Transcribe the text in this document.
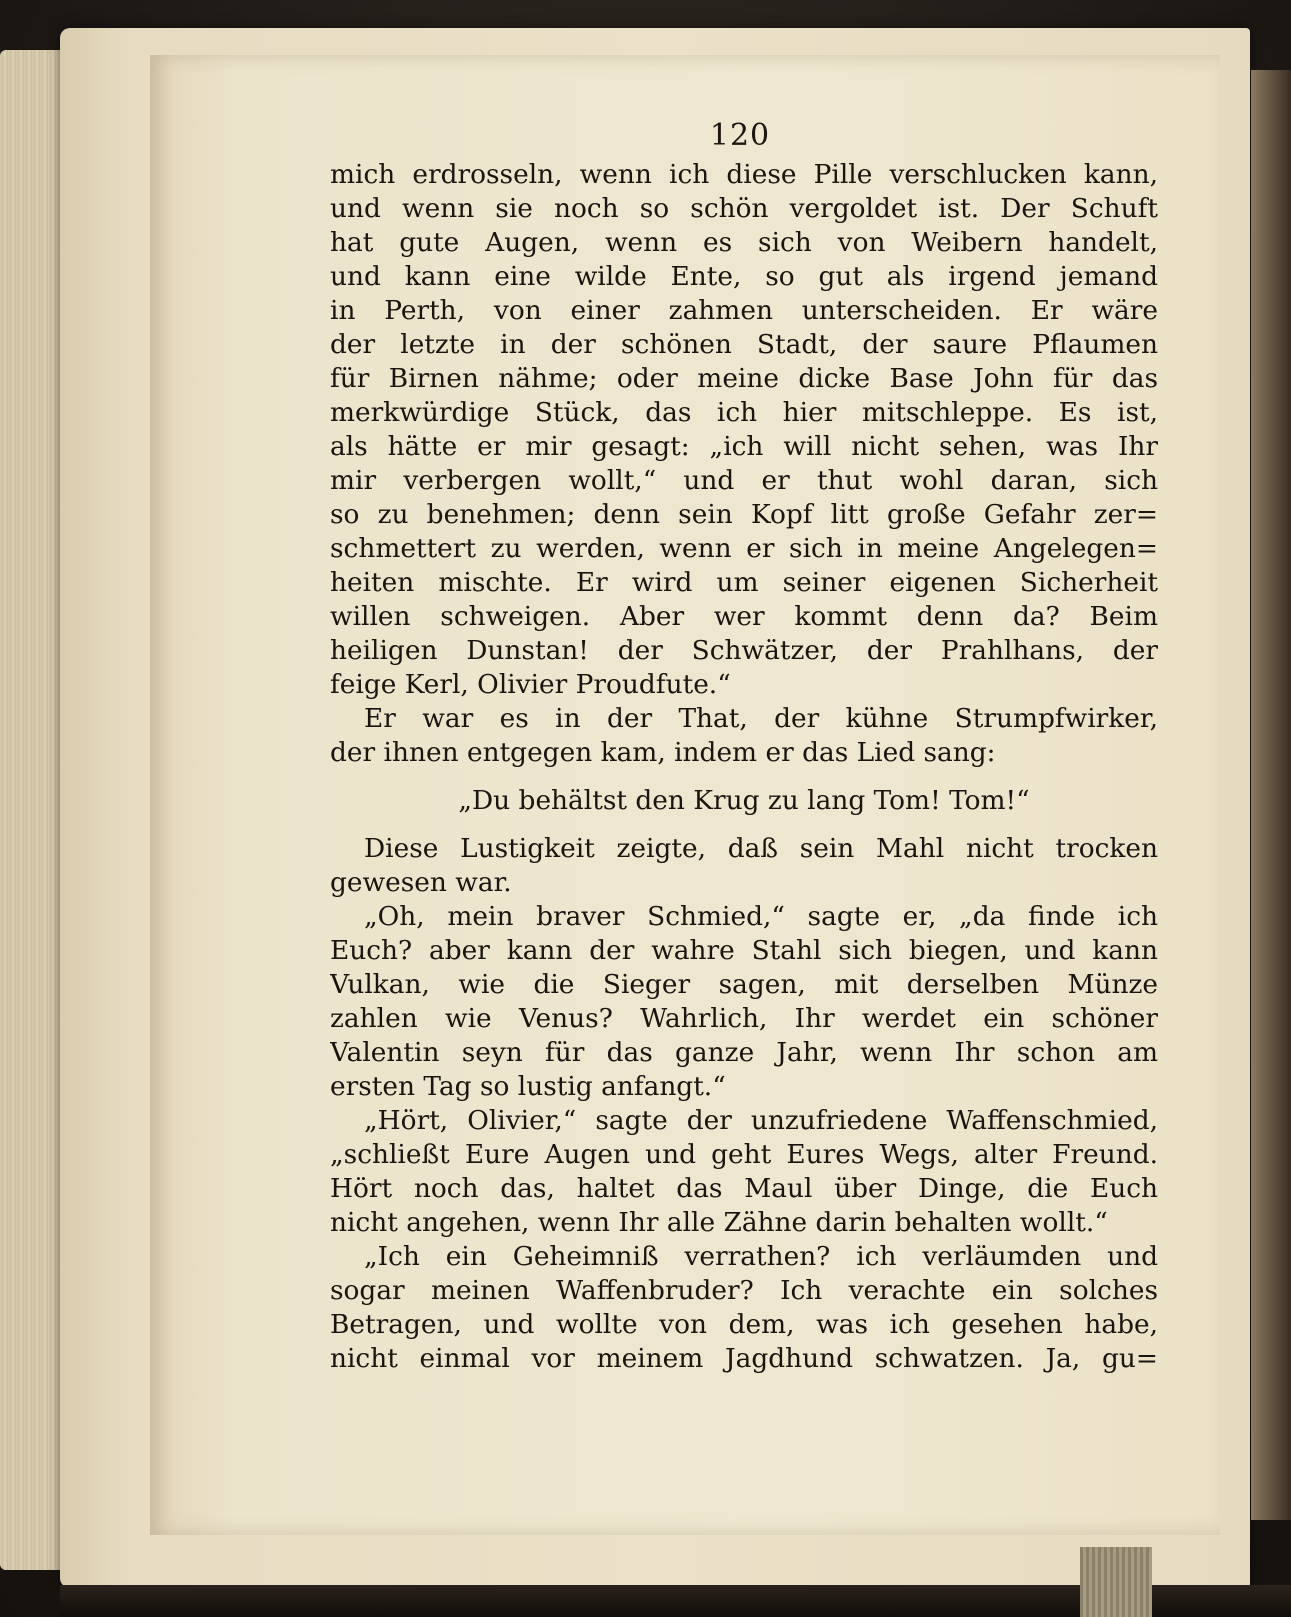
120
mich erdrosseln, wenn ich diese Pille verschlucken kann,
und wenn sie noch so schön vergoldet ist. Der Schuft
hat gute Augen, wenn es sich von Weibern handelt,
und kann eine wilde Ente, so gut als irgend jemand
in Perth, von einer zahmen unterscheiden. Er wäre
der letzte in der schönen Stadt, der saure Pflaumen
für Birnen nähme; oder meine dicke Base John für das
merkwürdige Stück, das ich hier mitschleppe. Es ist,
als hätte er mir gesagt: „ich will nicht sehen, was Ihr
mir verbergen wollt,“ und er thut wohl daran, sich
so zu benehmen; denn sein Kopf litt große Gefahr zer=
schmettert zu werden, wenn er sich in meine Angelegen=
heiten mischte. Er wird um seiner eigenen Sicherheit
willen schweigen. Aber wer kommt denn da? Beim
heiligen Dunstan! der Schwätzer, der Prahlhans, der
feige Kerl, Olivier Proudfute.“
Er war es in der That, der kühne Strumpfwirker,
der ihnen entgegen kam, indem er das Lied sang:
„Du behältst den Krug zu lang Tom! Tom!“
Diese Lustigkeit zeigte, daß sein Mahl nicht trocken
gewesen war.
„Oh, mein braver Schmied,“ sagte er, „da finde ich
Euch? aber kann der wahre Stahl sich biegen, und kann
Vulkan, wie die Sieger sagen, mit derselben Münze
zahlen wie Venus? Wahrlich, Ihr werdet ein schöner
Valentin seyn für das ganze Jahr, wenn Ihr schon am
ersten Tag so lustig anfangt.“
„Hört, Olivier,“ sagte der unzufriedene Waffenschmied,
„schließt Eure Augen und geht Eures Wegs, alter Freund.
Hört noch das, haltet das Maul über Dinge, die Euch
nicht angehen, wenn Ihr alle Zähne darin behalten wollt.“
„Ich ein Geheimniß verrathen? ich verläumden und
sogar meinen Waffenbruder? Ich verachte ein solches
Betragen, und wollte von dem, was ich gesehen habe,
nicht einmal vor meinem Jagdhund schwatzen. Ja, gu=
